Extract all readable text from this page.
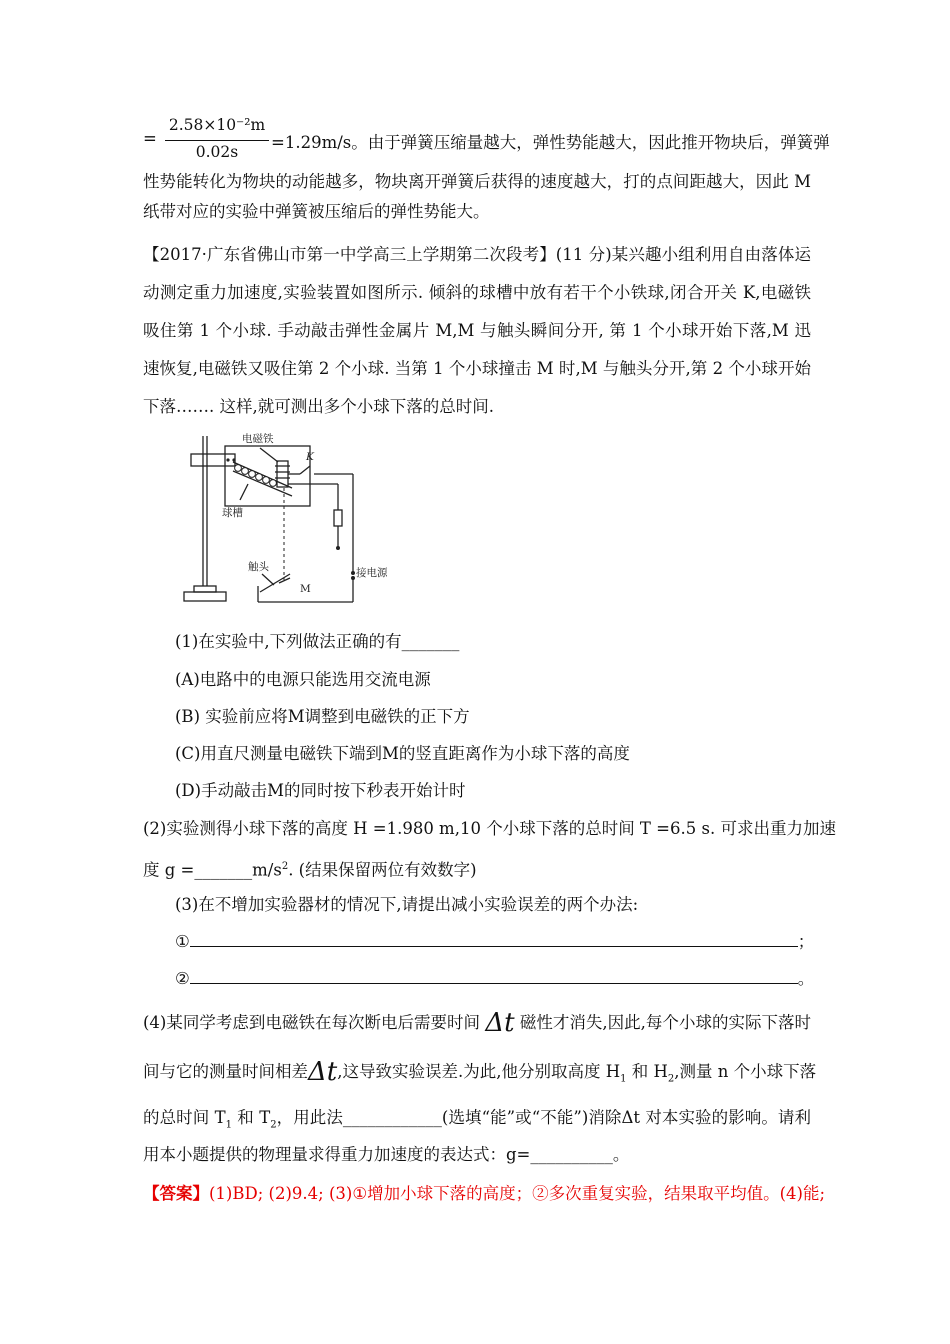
=
2.58×10⁻²m
0.02s	=1.29m/s。由于弹簧压缩量越大，弹性势能越大，因此推开物块后，弹簧弹
性势能转化为物块的动能越多，物块离开弹簧后获得的速度越大，打的点间距越大，因此 M
纸带对应的实验中弹簧被压缩后的弹性势能大。
【2017·广东省佛山市第一中学高三上学期第二次段考】(11 分)某兴趣小组利用自由落体运
动测定重力加速度,实验装置如图所示. 倾斜的球槽中放有若干个小铁球,闭合开关 K,电磁铁
吸住第 1 个小球. 手动敲击弹性金属片 M,M 与触头瞬间分开, 第 1 个小球开始下落,M 迅
速恢复,电磁铁又吸住第 2 个小球. 当第 1 个小球撞击 M 时,M 与触头分开,第 2 个小球开始
下落……. 这样,就可测出多个小球下落的总时间.
电磁铁
K
球槽
触头
M
接电源
(1)在实验中,下列做法正确的有_______
(A)电路中的电源只能选用交流电源
(B) 实验前应将M调整到电磁铁的正下方
(C)用直尺测量电磁铁下端到M的竖直距离作为小球下落的高度
(D)手动敲击M的同时按下秒表开始计时
(2)实验测得小球下落的高度 H =1.980 m,10 个小球下落的总时间 T =6.5 s. 可求出重力加速
度 $g =\_\_\_\_\_\_\_m/s^2$. (结果保留两位有效数字)
(3)在不增加实验器材的情况下,请提出减小实验误差的两个办法:
①	；
②	。
(4)某同学考虑到电磁铁在每次断电后需要时间 Δt 磁性才消失,因此,每个小球的实际下落时
间与它的测量时间相差Δt,这导致实验误差.为此,他分别取高度 $H_1$ 和 $H_2$,测量 n 个小球下落
的总时间 $T_1$ 和 $T_2$，用此法____________(选填“能”或“不能”)消除Δt 对本实验的影响。请利
用本小题提供的物理量求得重力加速度的表达式：g=__________。
【答案】(1)BD; (2)9.4; (3)①增加小球下落的高度；②多次重复实验，结果取平均值。(4)能;
